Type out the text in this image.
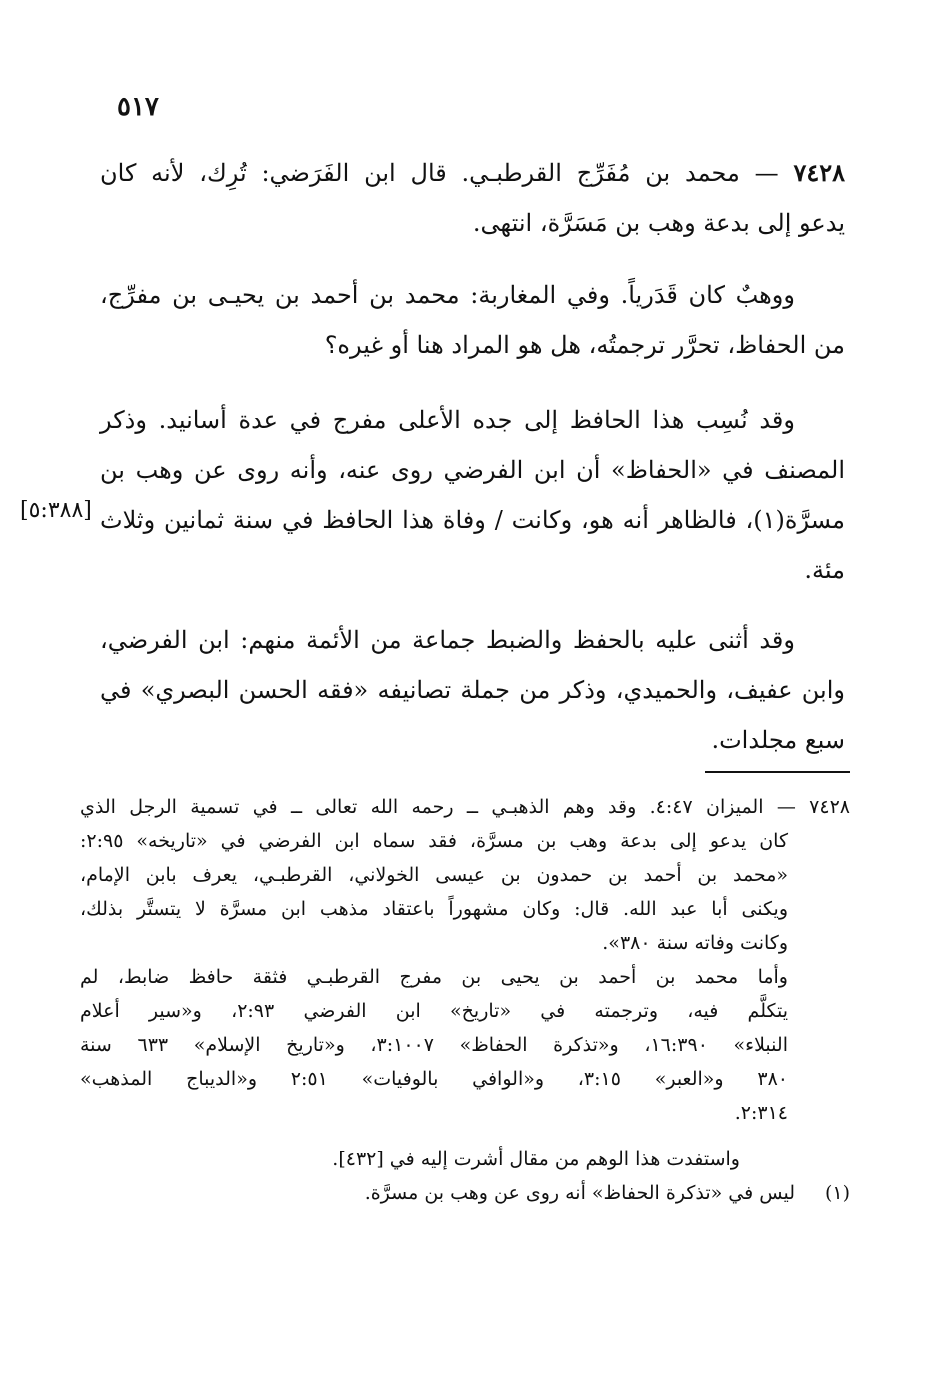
٥١٧
٧٤٢٨ — محمد بن مُفَرِّج القرطبـي. قال ابن الفَرَضي: تُرِك، لأنه كان
يدعو إلى بدعة وهب بن مَسَرَّة، انتهى.
ووهبٌ كان قَدَرياً. وفي المغاربة: محمد بن أحمد بن يحيـى بن مفرِّج،
من الحفاظ، تحرَّر ترجمتُه، هل هو المراد هنا أو غيره؟
وقد نُسِب هذا الحافظ إلى جده الأعلى مفرج في عدة أسانيد. وذكر
المصنف في «الحفاظ» أن ابن الفرضي روى عنه، وأنه روى عن وهب بن
مسرَّة(١)، فالظاهر أنه هو، وكانت / وفاة هذا الحافظ في سنة ثمانين وثلاث
مئة.
[٥:٣٨٨]
وقد أثنى عليه بالحفظ والضبط جماعة من الأئمة منهم: ابن الفرضي،
وابن عفيف، والحميدي، وذكر من جملة تصانيفه «فقه الحسن البصري» في
سبع مجلدات.
٧٤٢٨ — الميزان ٤:٤٧. وقد وهم الذهبـي ــ رحمه الله تعالى ــ في تسمية الرجل الذي
كان يدعو إلى بدعة وهب بن مسرَّة، فقد سماه ابن الفرضي في «تاريخه» ٢:٩٥:
«محمد بن أحمد بن حمدون بن عيسى الخولاني، القرطبـي، يعرف بابن الإمام،
ويكنى أبا عبد الله. قال: وكان مشهوراً باعتقاد مذهب ابن مسرَّة لا يتستَّر بذلك،
وكانت وفاته سنة ٣٨٠».
وأما محمد بن أحمد بن يحيى بن مفرج القرطبـي فثقة حافظ ضابط، لم
يتكلَّم فيه، وترجمته في «تاريخ» ابن الفرضي ٢:٩٣، و«سير أعلام
النبلاء» ١٦:٣٩٠، و«تذكرة الحفاظ» ٣:١٠٠٧، و«تاريخ الإسلام» ٦٣٣ سنة
٣٨٠ و«العبر» ٣:١٥، و«الوافي بالوفيات» ٢:٥١ و«الديباج المذهب»
٢:٣١٤.
واستفدت هذا الوهم من مقال أشرت إليه في [٤٣٢].
(١)ليس في «تذكرة الحفاظ» أنه روى عن وهب بن مسرَّة.
